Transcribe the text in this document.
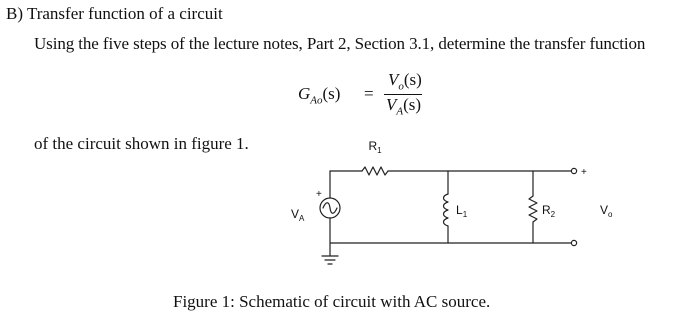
B) Transfer function of a circuit
Using the five steps of the lecture notes, Part 2, Section 3.1, determine the transfer function
$G_{Ao}(s)$ =
$V_o(s)$
$V_A(s)$
of the circuit shown in figure 1.	$R_1$
$L_1$	$R_2$
$V_A$
$V_o$
+
+
Figure 1: Schematic of circuit with AC source.
